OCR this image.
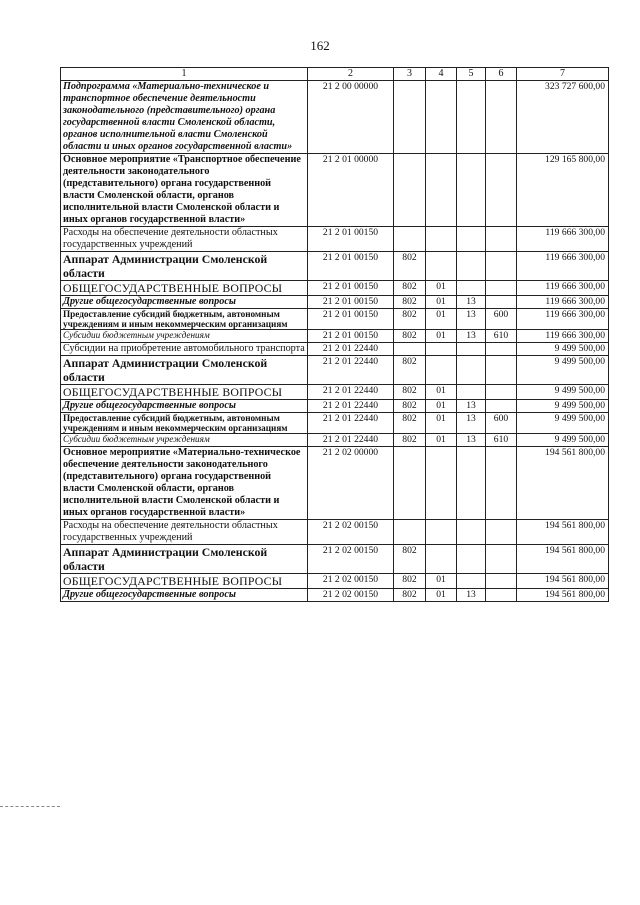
162
1	2	3	4	5	6	7
Подпрограмма «Материально-техническое и транспортное обеспечение деятельности законодательного (представительного) органа государственной власти Смоленской области, органов исполнительной власти Смоленской области и иных органов государственной власти»	21 2 00 00000					323 727 600,00
Основное мероприятие «Транспортное обеспечение деятельности законодательного (представительного) органа государственной власти Смоленской области, органов исполнительной власти Смоленской области и иных органов государственной власти»	21 2 01 00000					129 165 800,00
Расходы на обеспечение деятельности областных государственных учреждений	21 2 01 00150					119 666 300,00
Аппарат Администрации Смоленской области	21 2 01 00150	802				119 666 300,00
ОБЩЕГОСУДАРСТВЕННЫЕ ВОПРОСЫ	21 2 01 00150	802	01			119 666 300,00
Другие общегосударственные вопросы	21 2 01 00150	802	01	13		119 666 300,00
Предоставление субсидий бюджетным, автономным учреждениям и иным некоммерческим организациям	21 2 01 00150	802	01	13	600	119 666 300,00
Субсидии бюджетным учреждениям	21 2 01 00150	802	01	13	610	119 666 300,00
Субсидии на приобретение автомобильного транспорта	21 2 01 22440					9 499 500,00
Аппарат Администрации Смоленской области	21 2 01 22440	802				9 499 500,00
ОБЩЕГОСУДАРСТВЕННЫЕ ВОПРОСЫ	21 2 01 22440	802	01			9 499 500,00
Другие общегосударственные вопросы	21 2 01 22440	802	01	13		9 499 500,00
Предоставление субсидий бюджетным, автономным учреждениям и иным некоммерческим организациям	21 2 01 22440	802	01	13	600	9 499 500,00
Субсидии бюджетным учреждениям	21 2 01 22440	802	01	13	610	9 499 500,00
Основное мероприятие «Материально-техническое обеспечение деятельности законодательного (представительного) органа государственной власти Смоленской области, органов исполнительной власти Смоленской области и иных органов государственной власти»	21 2 02 00000					194 561 800,00
Расходы на обеспечение деятельности областных государственных учреждений	21 2 02 00150					194 561 800,00
Аппарат Администрации Смоленской области	21 2 02 00150	802				194 561 800,00
ОБЩЕГОСУДАРСТВЕННЫЕ ВОПРОСЫ	21 2 02 00150	802	01			194 561 800,00
Другие общегосударственные вопросы	21 2 02 00150	802	01	13		194 561 800,00
